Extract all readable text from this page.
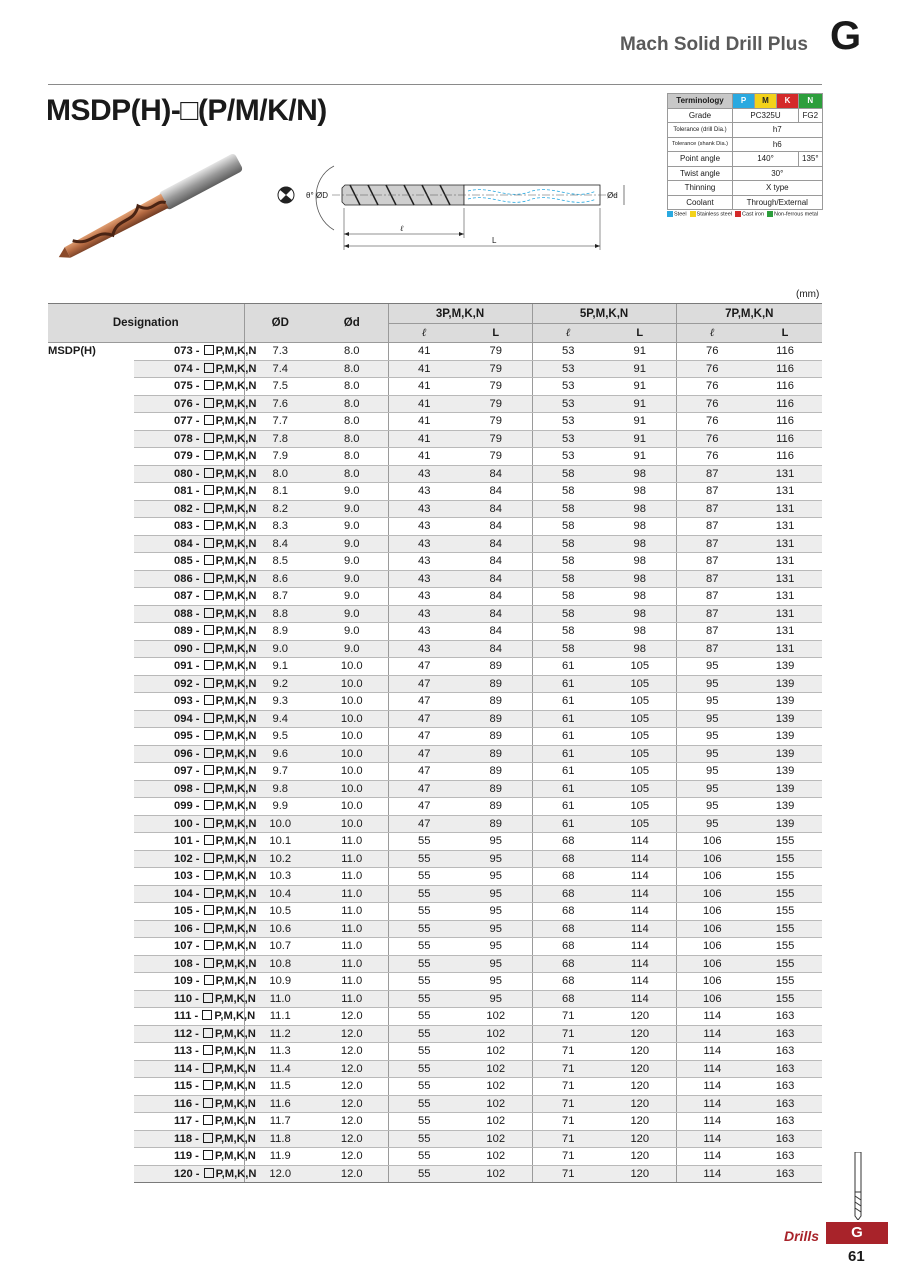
Mach Solid Drill Plus G
MSDP(H)-□(P/M/K/N)	Terminology	P	M	K	N
Grade	PC325U			FG2
Tolerance (drill Dia.)	h7			
Tolerance (shank Dia.)	h6			
Point angle	140°			135°
Twist angle	30°			
Thinning	X type			
Coolant	Through/External			
Steel	Stainless steel	Cast iron	Non-ferrous metal
θ° ØD	Ød
ℓ
L
(mm)
Designation		ØD	Ød	3P,M,K,N		5P,M,K,N		7P,M,K,N	
				ℓ	L	ℓ	L	ℓ	L
MSDP(H)	073 - P,M,K,N	7.3	8.0	41	79	53	91	76	116
	074 - P,M,K,N	7.4	8.0	41	79	53	91	76	116
	075 - P,M,K,N	7.5	8.0	41	79	53	91	76	116
	076 - P,M,K,N	7.6	8.0	41	79	53	91	76	116
	077 - P,M,K,N	7.7	8.0	41	79	53	91	76	116
	078 - P,M,K,N	7.8	8.0	41	79	53	91	76	116
	079 - P,M,K,N	7.9	8.0	41	79	53	91	76	116
	080 - P,M,K,N	8.0	8.0	43	84	58	98	87	131
	081 - P,M,K,N	8.1	9.0	43	84	58	98	87	131
	082 - P,M,K,N	8.2	9.0	43	84	58	98	87	131
	083 - P,M,K,N	8.3	9.0	43	84	58	98	87	131
	084 - P,M,K,N	8.4	9.0	43	84	58	98	87	131
	085 - P,M,K,N	8.5	9.0	43	84	58	98	87	131
	086 - P,M,K,N	8.6	9.0	43	84	58	98	87	131
	087 - P,M,K,N	8.7	9.0	43	84	58	98	87	131
	088 - P,M,K,N	8.8	9.0	43	84	58	98	87	131
	089 - P,M,K,N	8.9	9.0	43	84	58	98	87	131
	090 - P,M,K,N	9.0	9.0	43	84	58	98	87	131
	091 - P,M,K,N	9.1	10.0	47	89	61	105	95	139
	092 - P,M,K,N	9.2	10.0	47	89	61	105	95	139
	093 - P,M,K,N	9.3	10.0	47	89	61	105	95	139
	094 - P,M,K,N	9.4	10.0	47	89	61	105	95	139
	095 - P,M,K,N	9.5	10.0	47	89	61	105	95	139
	096 - P,M,K,N	9.6	10.0	47	89	61	105	95	139
	097 - P,M,K,N	9.7	10.0	47	89	61	105	95	139
	098 - P,M,K,N	9.8	10.0	47	89	61	105	95	139
	099 - P,M,K,N	9.9	10.0	47	89	61	105	95	139
	100 - P,M,K,N	10.0	10.0	47	89	61	105	95	139
	101 - P,M,K,N	10.1	11.0	55	95	68	114	106	155
	102 - P,M,K,N	10.2	11.0	55	95	68	114	106	155
	103 - P,M,K,N	10.3	11.0	55	95	68	114	106	155
	104 - P,M,K,N	10.4	11.0	55	95	68	114	106	155
	105 - P,M,K,N	10.5	11.0	55	95	68	114	106	155
	106 - P,M,K,N	10.6	11.0	55	95	68	114	106	155
	107 - P,M,K,N	10.7	11.0	55	95	68	114	106	155
	108 - P,M,K,N	10.8	11.0	55	95	68	114	106	155
	109 - P,M,K,N	10.9	11.0	55	95	68	114	106	155
	110 - P,M,K,N	11.0	11.0	55	95	68	114	106	155
	111 - P,M,K,N	11.1	12.0	55	102	71	120	114	163
	112 - P,M,K,N	11.2	12.0	55	102	71	120	114	163
	113 - P,M,K,N	11.3	12.0	55	102	71	120	114	163
	114 - P,M,K,N	11.4	12.0	55	102	71	120	114	163
	115 - P,M,K,N	11.5	12.0	55	102	71	120	114	163
	116 - P,M,K,N	11.6	12.0	55	102	71	120	114	163
	117 - P,M,K,N	11.7	12.0	55	102	71	120	114	163
	118 - P,M,K,N	11.8	12.0	55	102	71	120	114	163
	119 - P,M,K,N	11.9	12.0	55	102	71	120	114	163
	120 - P,M,K,N	12.0	12.0	55	102	71	120	114	163
Drills	G
61
